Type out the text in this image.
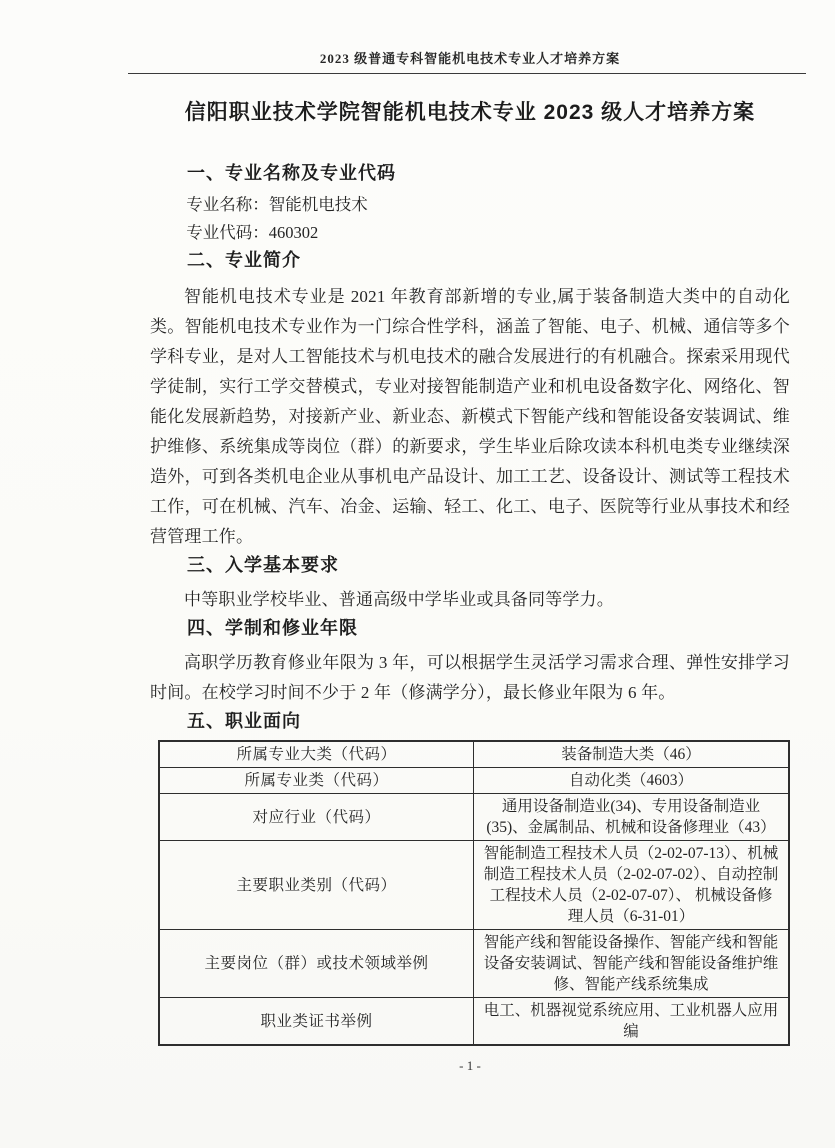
2023 级普通专科智能机电技术专业人才培养方案
信阳职业技术学院智能机电技术专业 2023 级人才培养方案
一、专业名称及专业代码

专业名称：智能机电技术

专业代码：460302

二、专业简介

智能机电技术专业是 2021 年教育部新增的专业,属于装备制造大类中的自动化类。智能机电技术专业作为一门综合性学科，涵盖了智能、电子、机械、通信等多个学科专业，是对人工智能技术与机电技术的融合发展进行的有机融合。探索采用现代学徒制，实行工学交替模式，专业对接智能制造产业和机电设备数字化、网络化、智能化发展新趋势，对接新产业、新业态、新模式下智能产线和智能设备安装调试、维护维修、系统集成等岗位（群）的新要求，学生毕业后除攻读本科机电类专业继续深造外，可到各类机电企业从事机电产品设计、加工工艺、设备设计、测试等工程技术工作，可在机械、汽车、冶金、运输、轻工、化工、电子、医院等行业从事技术和经营管理工作。

三、入学基本要求

中等职业学校毕业、普通高级中学毕业或具备同等学力。

四、学制和修业年限

高职学历教育修业年限为 3 年，可以根据学生灵活学习需求合理、弹性安排学习时间。在校学习时间不少于 2 年（修满学分），最长修业年限为 6 年。

五、职业面向
所属专业大类（代码）	装备制造大类（46）
所属专业类（代码）	自动化类（4603）
对应行业（代码）	通用设备制造业(34)、专用设备制造业(35)、金属制品、机械和设备修理业（43）
主要职业类别（代码）	智能制造工程技术人员（2-02-07-13）、机械制造工程技术人员（2-02-07-02）、自动控制工程技术人员（2-02-07-07）、 机械设备修理人员（6-31-01）
主要岗位（群）或技术领域举例	智能产线和智能设备操作、智能产线和智能设备安装调试、智能产线和智能设备维护维修、智能产线系统集成
职业类证书举例	电工、机器视觉系统应用、工业机器人应用编
- 1 -
